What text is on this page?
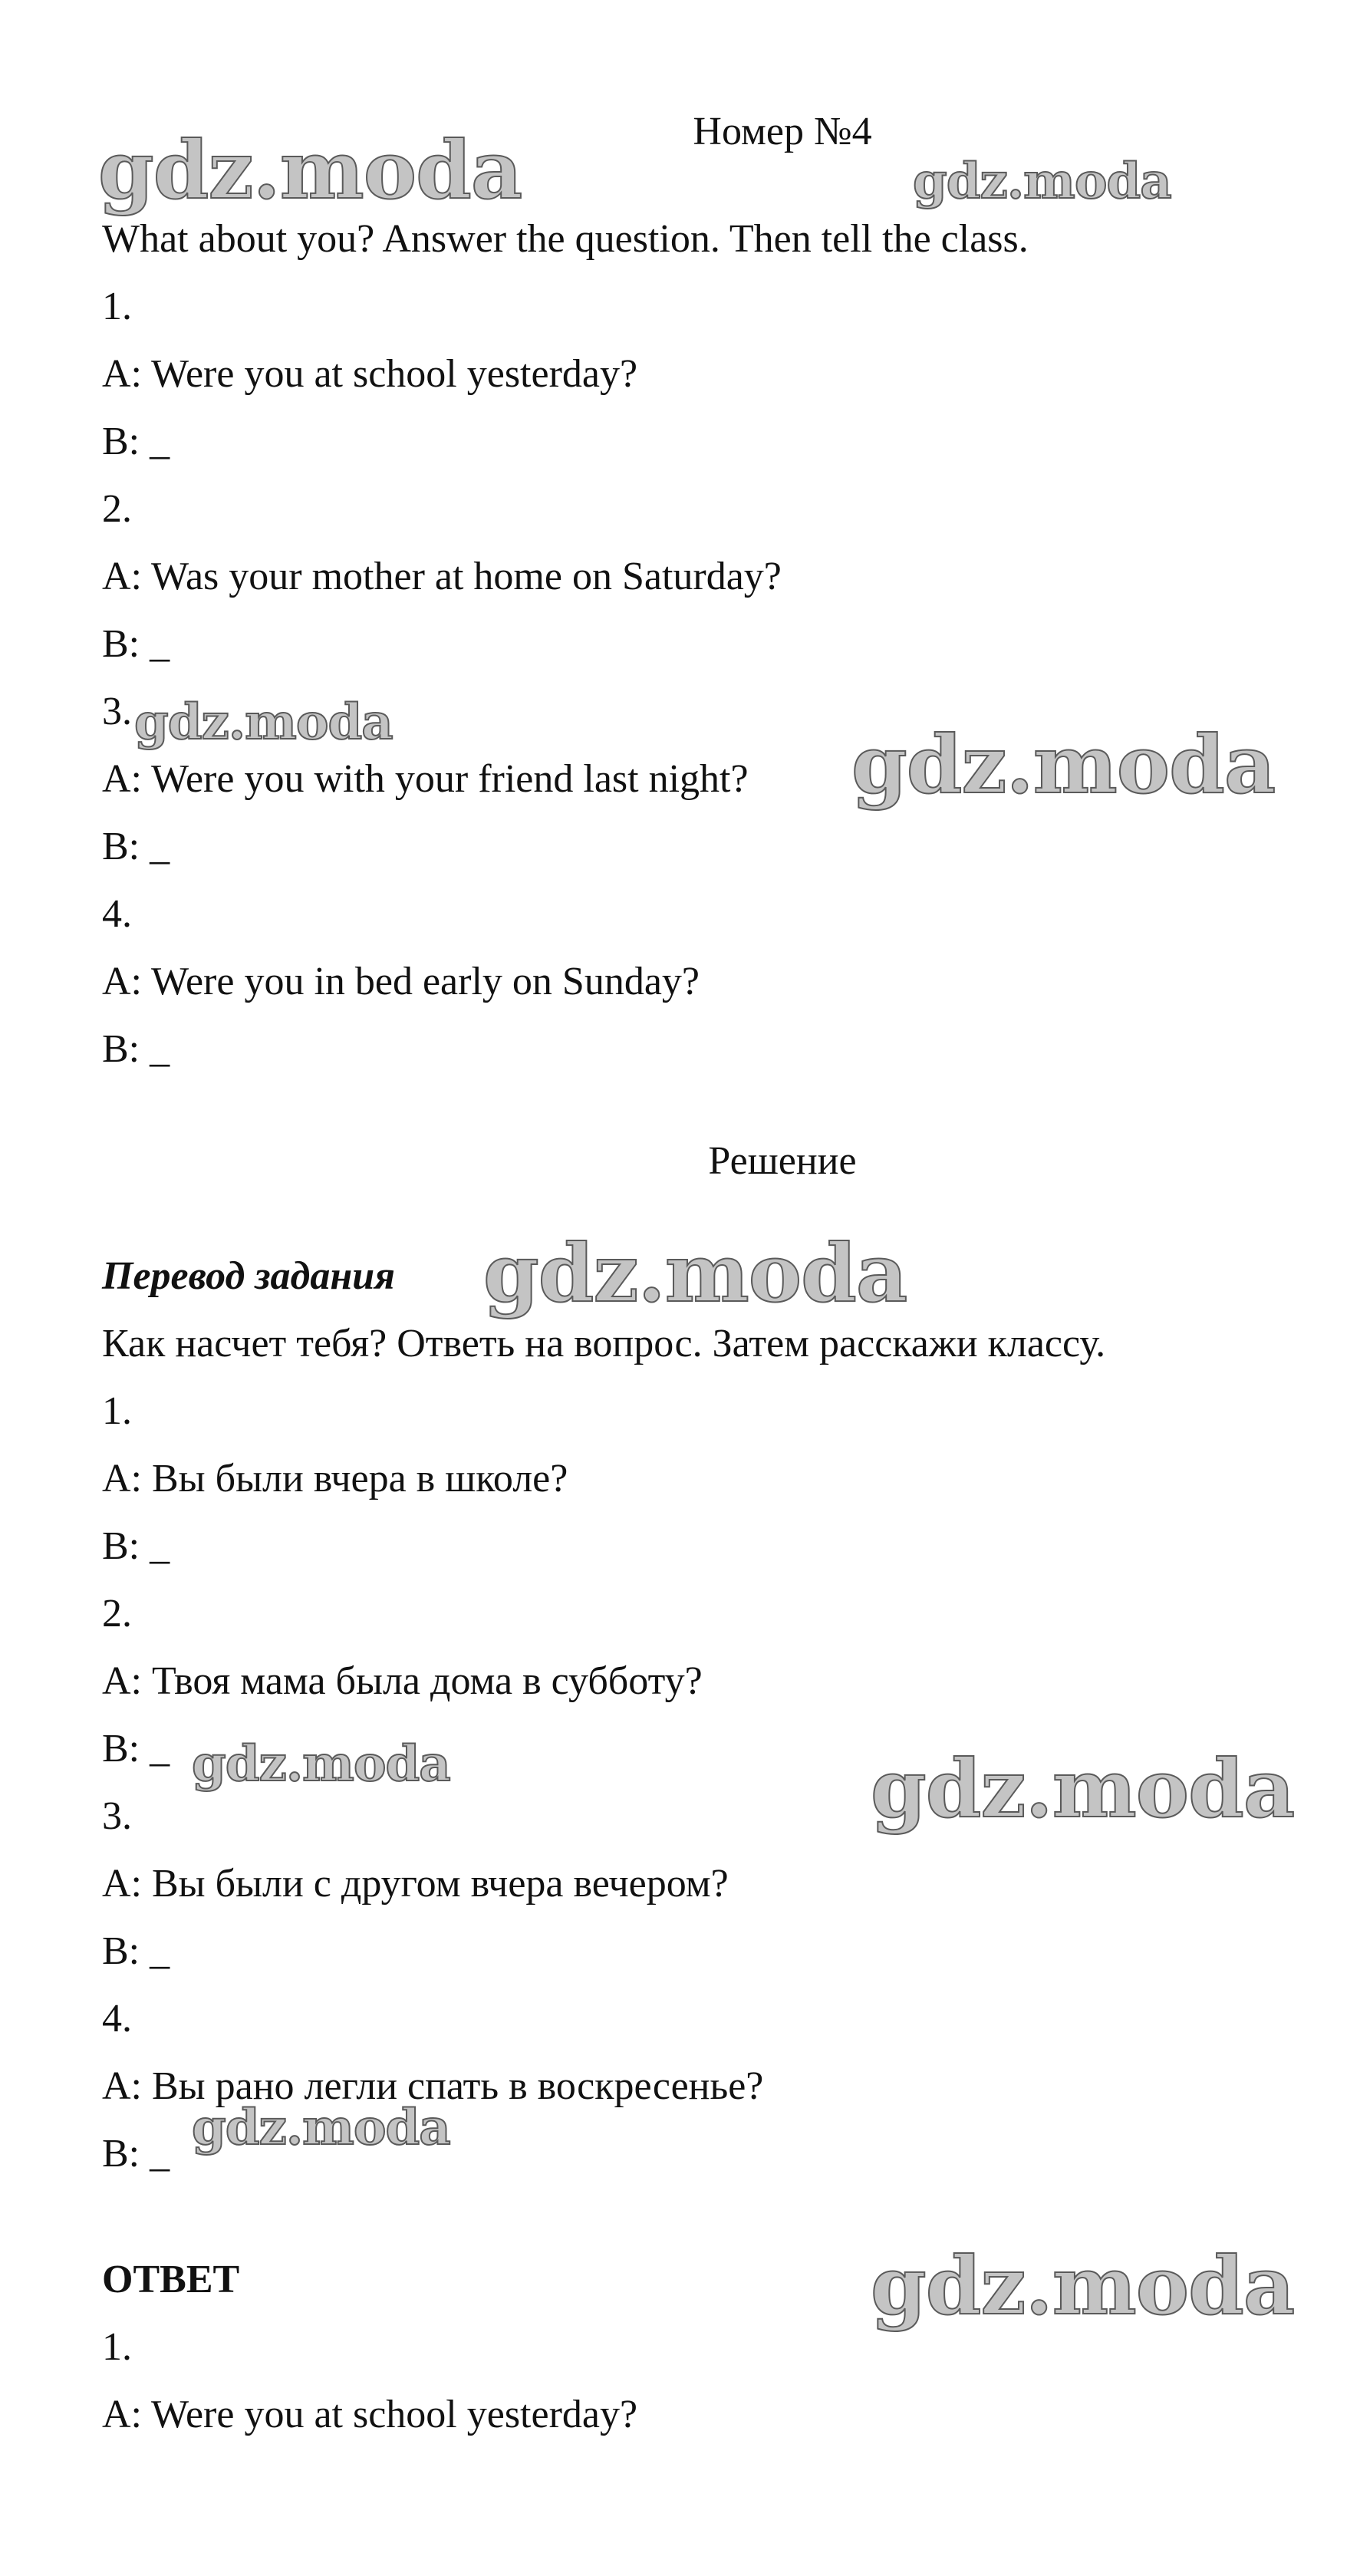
Номер №4
What about you? Answer the question. Then tell the class.
1.
A: Were you at school yesterday?
B: _
2.
A: Was your mother at home on Saturday?
B: _
3.
A: Were you with your friend last night?
B: _
4.
A: Were you in bed early on Sunday?
B: _
Решение
Перевод задания
Как насчет тебя? Ответь на вопрос. Затем расскажи классу.
1.
A: Вы были вчера в школе?
B: _
2.
A: Твоя мама была дома в субботу?
B: _
3.
A: Вы были с другом вчера вечером?
B: _
4.
A: Вы рано легли спать в воскресенье?
B: _
ОТВЕТ
1.
A: Were you at school yesterday?
gdz.moda	gdz.moda
gdz.moda	gdz.moda
gdz.moda
gdz.moda	gdz.moda
gdz.moda
gdz.moda
